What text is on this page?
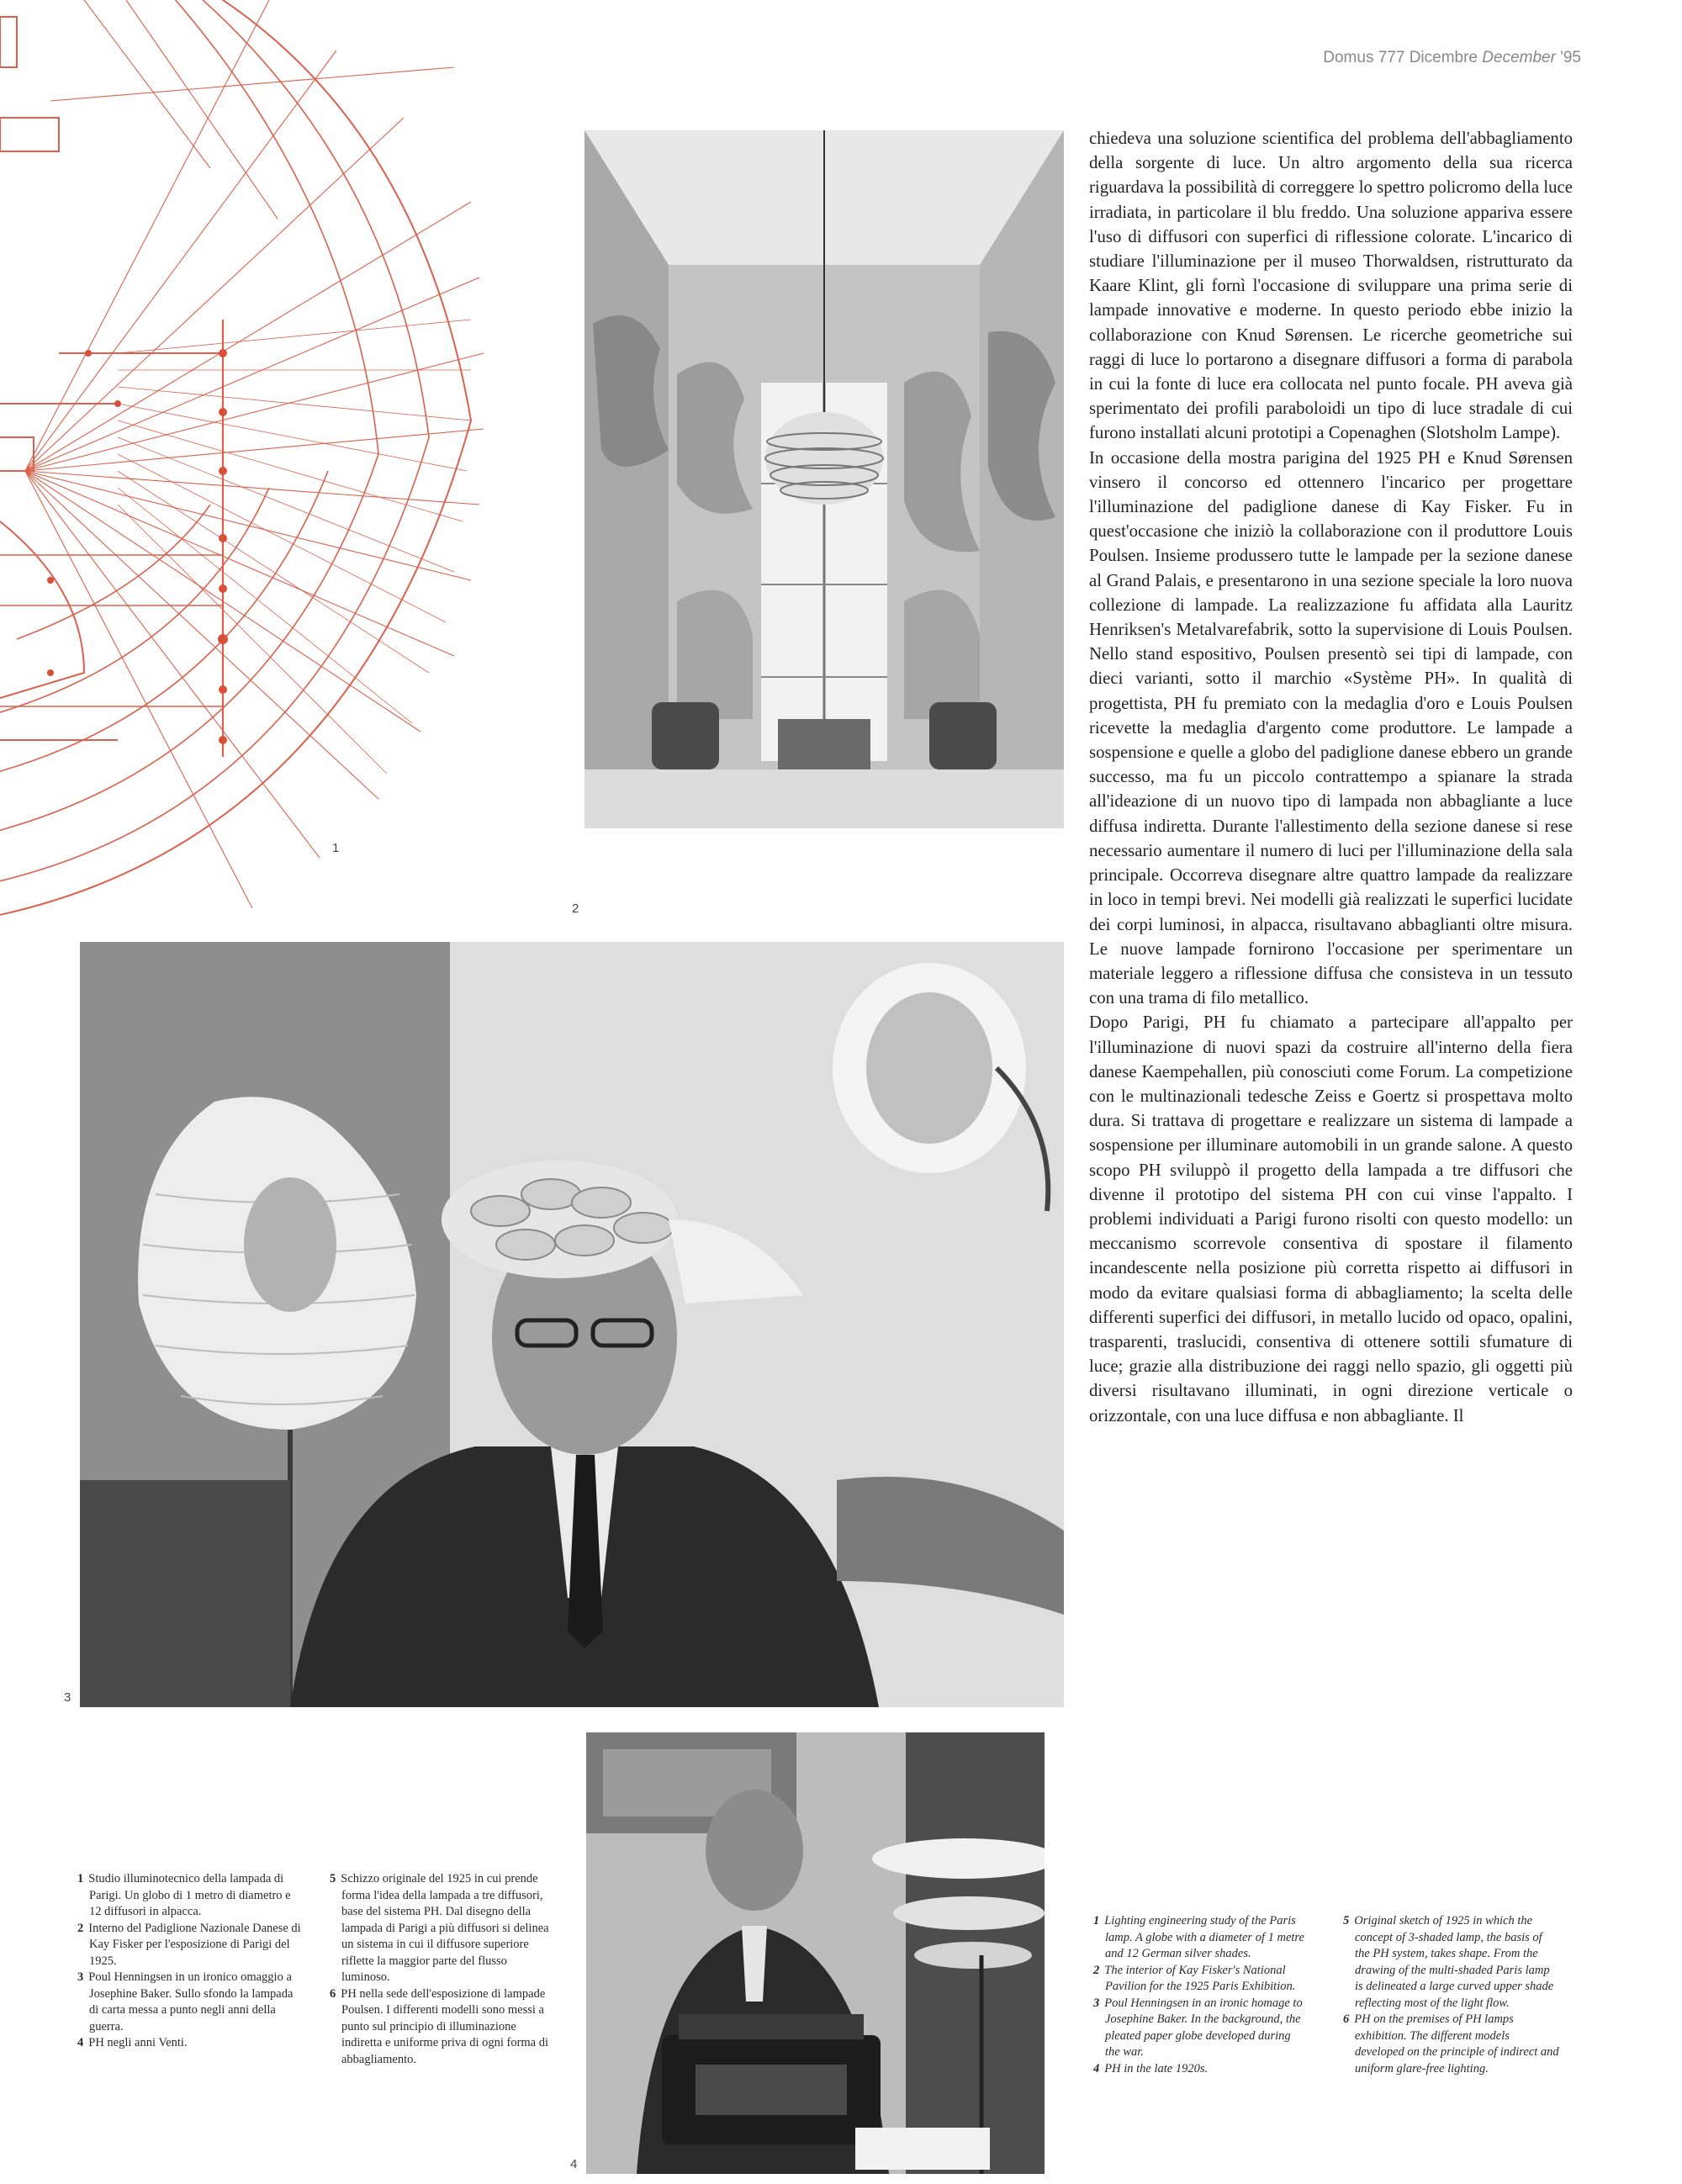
Domus 777 Dicembre December '95
1
2
3

chiedeva una soluzione scientifica del problema dell'abbagliamento della sorgente di luce. Un altro argomento della sua ricerca riguardava la possibilità di correggere lo spettro policromo della luce irradiata, in particolare il blu freddo. Una soluzione appariva essere l'uso di diffusori con superfici di riflessione colorate. L'incarico di studiare l'illuminazione per il museo Thorwaldsen, ristrutturato da Kaare Klint, gli fornì l'occasione di sviluppare una prima serie di lampade innovative e moderne. In questo periodo ebbe inizio la collaborazione con Knud Sørensen. Le ricerche geometriche sui raggi di luce lo portarono a disegnare diffusori a forma di parabola in cui la fonte di luce era collocata nel punto focale. PH aveva già sperimentato dei profili paraboloidi un tipo di luce stradale di cui furono installati alcuni prototipi a Copenaghen (Slotsholm Lampe).

In occasione della mostra parigina del 1925 PH e Knud Sørensen vinsero il concorso ed ottennero l'incarico per progettare l'illuminazione del padiglione danese di Kay Fisker. Fu in quest'occasione che iniziò la collaborazione con il produttore Louis Poulsen. Insieme produssero tutte le lampade per la sezione danese al Grand Palais, e presentarono in una sezione speciale la loro nuova collezione di lampade. La realizzazione fu affidata alla Lauritz Henriksen's Metalvarefabrik, sotto la supervisione di Louis Poulsen. Nello stand espositivo, Poulsen presentò sei tipi di lampade, con dieci varianti, sotto il marchio «Système PH». In qualità di progettista, PH fu premiato con la medaglia d'oro e Louis Poulsen ricevette la medaglia d'argento come produttore. Le lampade a sospensione e quelle a globo del padiglione danese ebbero un grande successo, ma fu un piccolo contrattempo a spianare la strada all'ideazione di un nuovo tipo di lampada non abbagliante a luce diffusa indiretta. Durante l'allestimento della sezione danese si rese necessario aumentare il numero di luci per l'illuminazione della sala principale. Occorreva disegnare altre quattro lampade da realizzare in loco in tempi brevi. Nei modelli già realizzati le superfici lucidate dei corpi luminosi, in alpacca, risultavano abbaglianti oltre misura. Le nuove lampade fornirono l'occasione per sperimentare un materiale leggero a riflessione diffusa che consisteva in un tessuto con una trama di filo metallico.

Dopo Parigi, PH fu chiamato a partecipare all'appalto per l'illuminazione di nuovi spazi da costruire all'interno della fiera danese Kaempehallen, più conosciuti come Forum. La competizione con le multinazionali tedesche Zeiss e Goertz si prospettava molto dura. Si trattava di progettare e realizzare un sistema di lampade a sospensione per illuminare automobili in un grande salone. A questo scopo PH sviluppò il progetto della lampada a tre diffusori che divenne il prototipo del sistema PH con cui vinse l'appalto. I problemi individuati a Parigi furono risolti con questo modello: un meccanismo scorrevole consentiva di spostare il filamento incandescente nella posizione più corretta rispetto ai diffusori in modo da evitare qualsiasi forma di abbagliamento; la scelta delle differenti superfici dei diffusori, in metallo lucido od opaco, opalini, trasparenti, traslucidi, consentiva di ottenere sottili sfumature di luce; grazie alla distribuzione dei raggi nello spazio, gli oggetti più diversi risultavano illuminati, in ogni direzione verticale o orizzontale, con una luce diffusa e non abbagliante. Il

4

1 Studio illuminotecnico della lampada di Parigi. Un globo di 1 metro di diametro e 12 diffusori in alpacca.

2 Interno del Padiglione Nazionale Danese di Kay Fisker per l'esposizione di Parigi del 1925.

3 Poul Henningsen in un ironico omaggio a Josephine Baker. Sullo sfondo la lampada di carta messa a punto negli anni della guerra.

4 PH negli anni Venti.

5 Schizzo originale del 1925 in cui prende forma l'idea della lampada a tre diffusori, base del sistema PH. Dal disegno della lampada di Parigi a più diffusori si delinea un sistema in cui il diffusore superiore riflette la maggior parte del flusso luminoso.

6 PH nella sede dell'esposizione di lampade Poulsen. I differenti modelli sono messi a punto sul principio di illuminazione indiretta e uniforme priva di ogni forma di abbagliamento.

1 Lighting engineering study of the Paris lamp. A globe with a diameter of 1 metre and 12 German silver shades.

2 The interior of Kay Fisker's National Pavilion for the 1925 Paris Exhibition.

3 Poul Henningsen in an ironic homage to Josephine Baker. In the background, the pleated paper globe developed during the war.

4 PH in the late 1920s.

5 Original sketch of 1925 in which the concept of 3-shaded lamp, the basis of the PH system, takes shape. From the drawing of the multi-shaded Paris lamp is delineated a large curved upper shade reflecting most of the light flow.

6 PH on the premises of PH lamps exhibition. The different models developed on the principle of indirect and uniform glare-free lighting.
